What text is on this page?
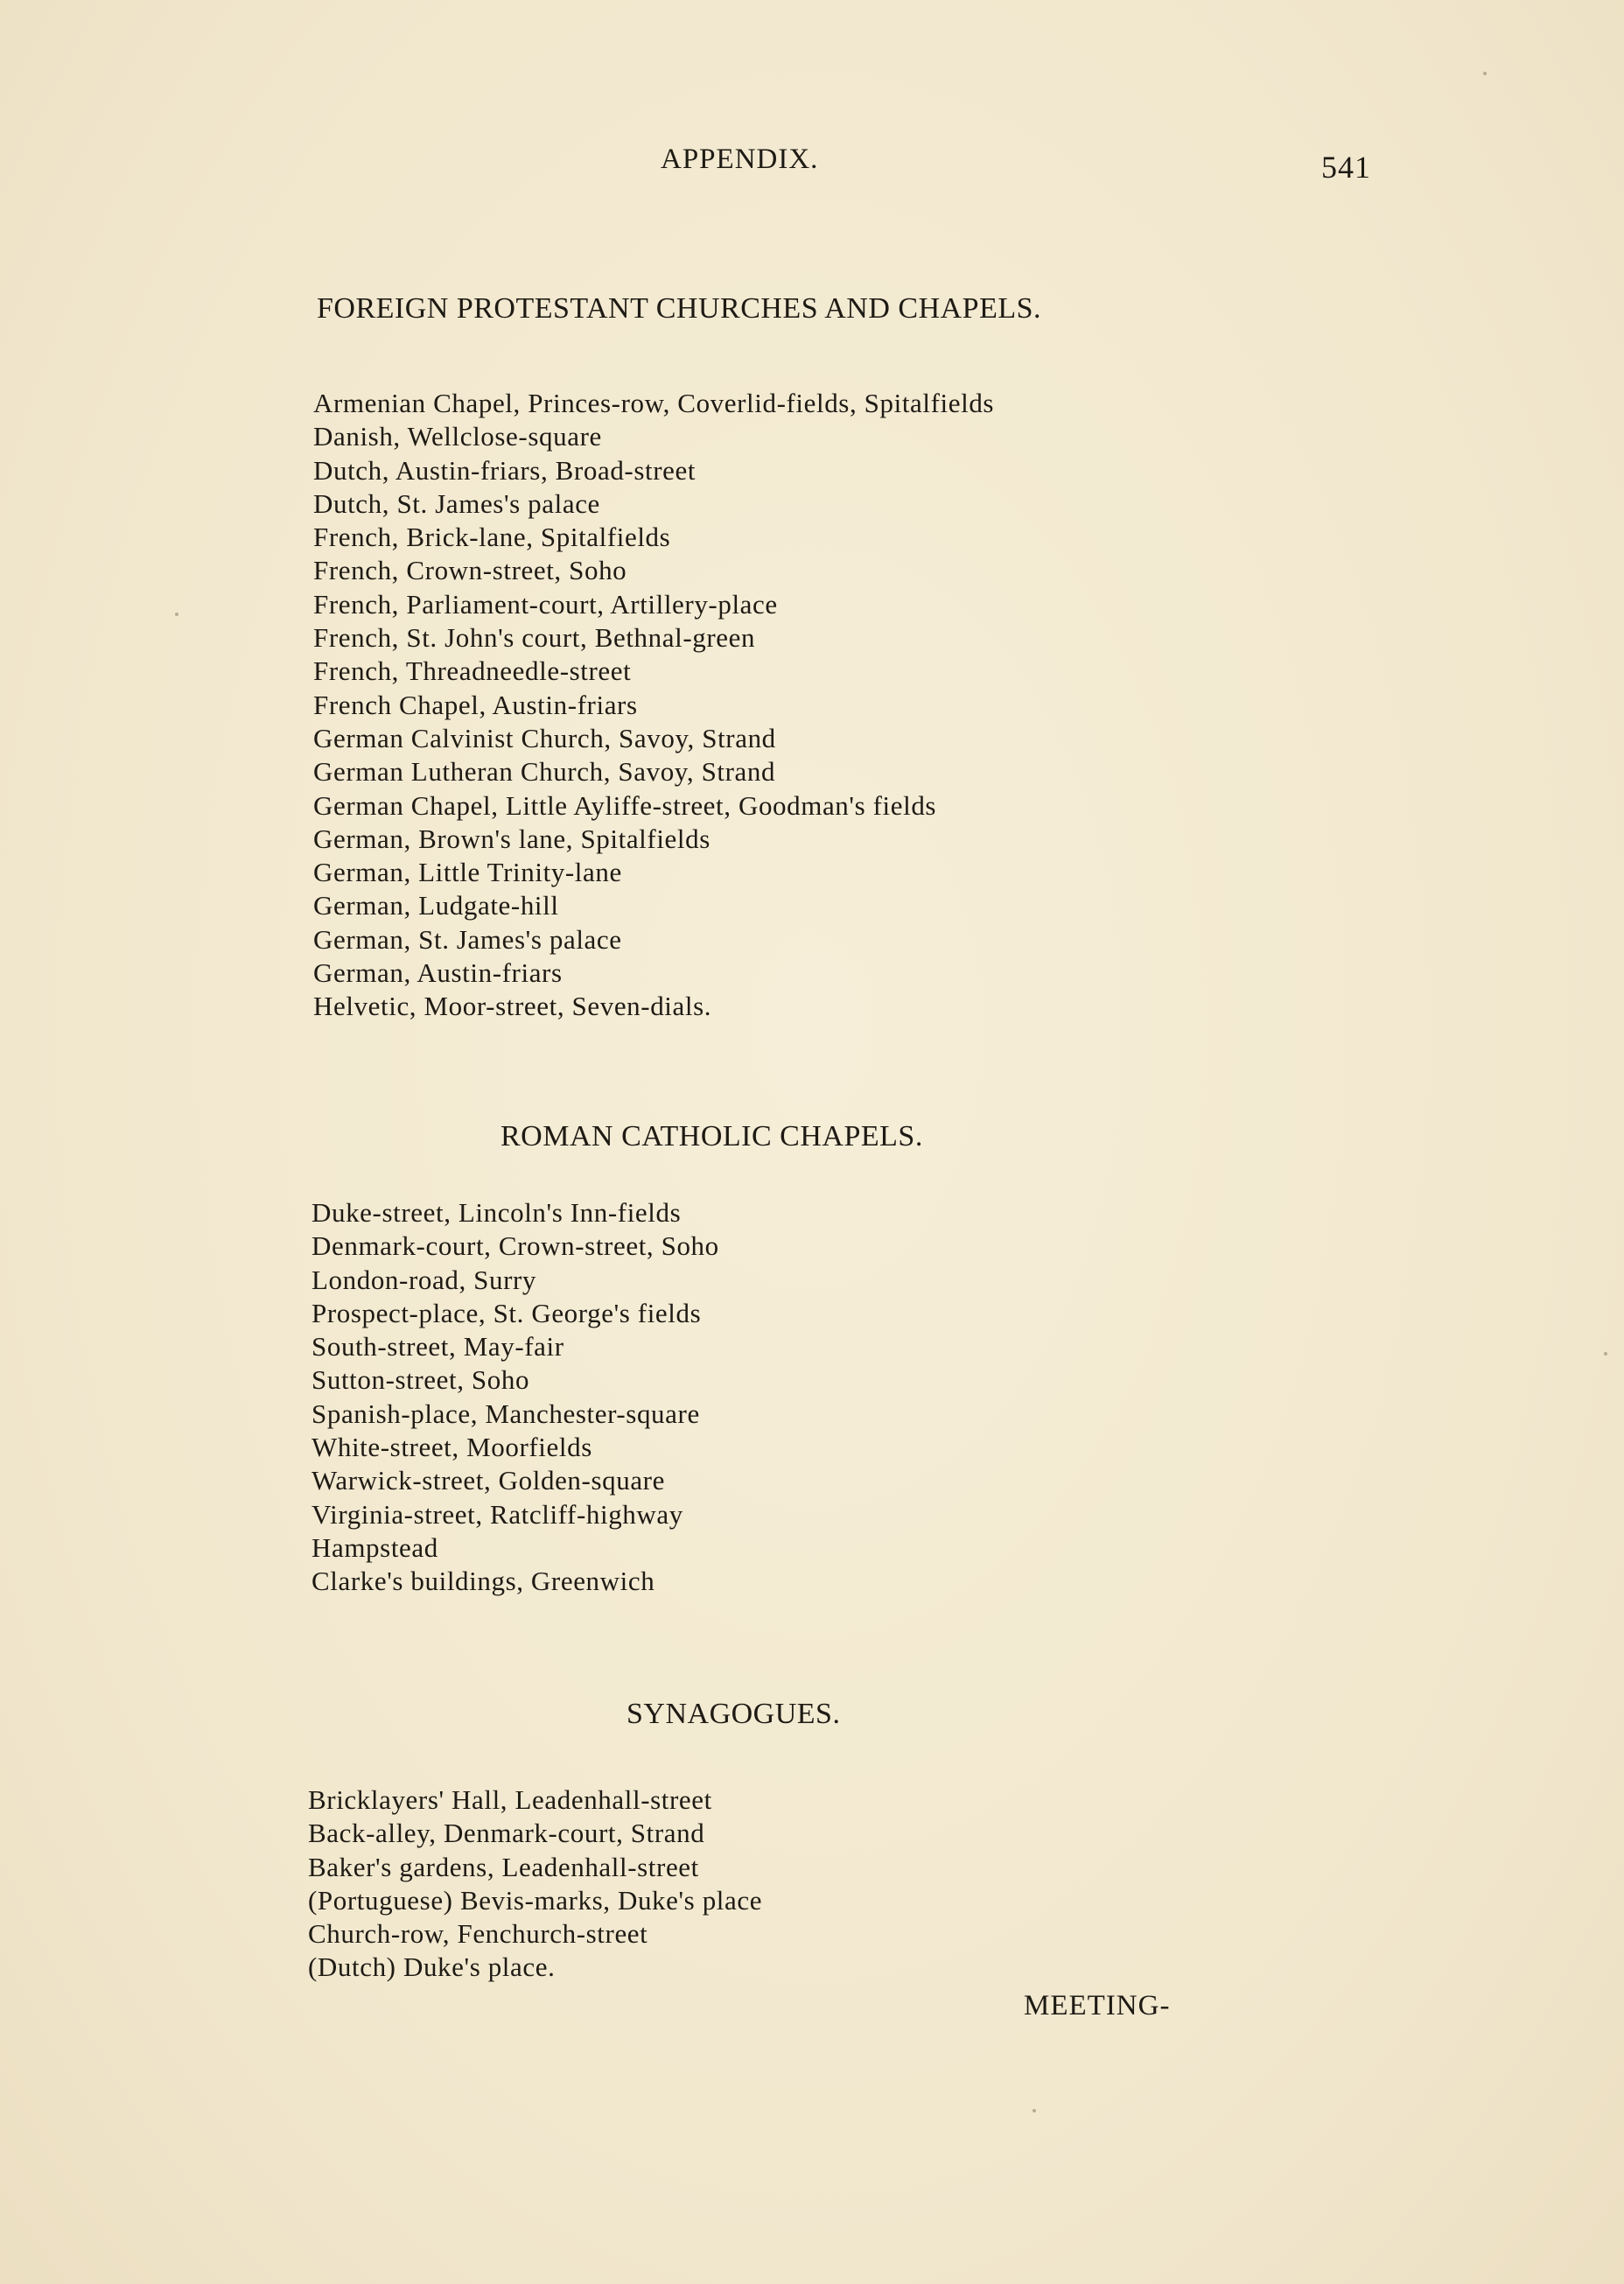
APPENDIX.	541
FOREIGN PROTESTANT CHURCHES AND CHAPELS.
Armenian Chapel, Princes-row, Coverlid-fields, Spitalfields
Danish, Wellclose-square
Dutch, Austin-friars, Broad-street
Dutch, St. James's palace
French, Brick-lane, Spitalfields
French, Crown-street, Soho
French, Parliament-court, Artillery-place
French, St. John's court, Bethnal-green
French, Threadneedle-street
French Chapel, Austin-friars
German Calvinist Church, Savoy, Strand
German Lutheran Church, Savoy, Strand
German Chapel, Little Ayliffe-street, Goodman's fields
German, Brown's lane, Spitalfields
German, Little Trinity-lane
German, Ludgate-hill
German, St. James's palace
German, Austin-friars
Helvetic, Moor-street, Seven-dials.
ROMAN CATHOLIC CHAPELS.
Duke-street, Lincoln's Inn-fields
Denmark-court, Crown-street, Soho
London-road, Surry
Prospect-place, St. George's fields
South-street, May-fair
Sutton-street, Soho
Spanish-place, Manchester-square
White-street, Moorfields
Warwick-street, Golden-square
Virginia-street, Ratcliff-highway
Hampstead
Clarke's buildings, Greenwich
SYNAGOGUES.
Bricklayers' Hall, Leadenhall-street
Back-alley, Denmark-court, Strand
Baker's gardens, Leadenhall-street
(Portuguese) Bevis-marks, Duke's place
Church-row, Fenchurch-street
(Dutch) Duke's place.
MEETING-
